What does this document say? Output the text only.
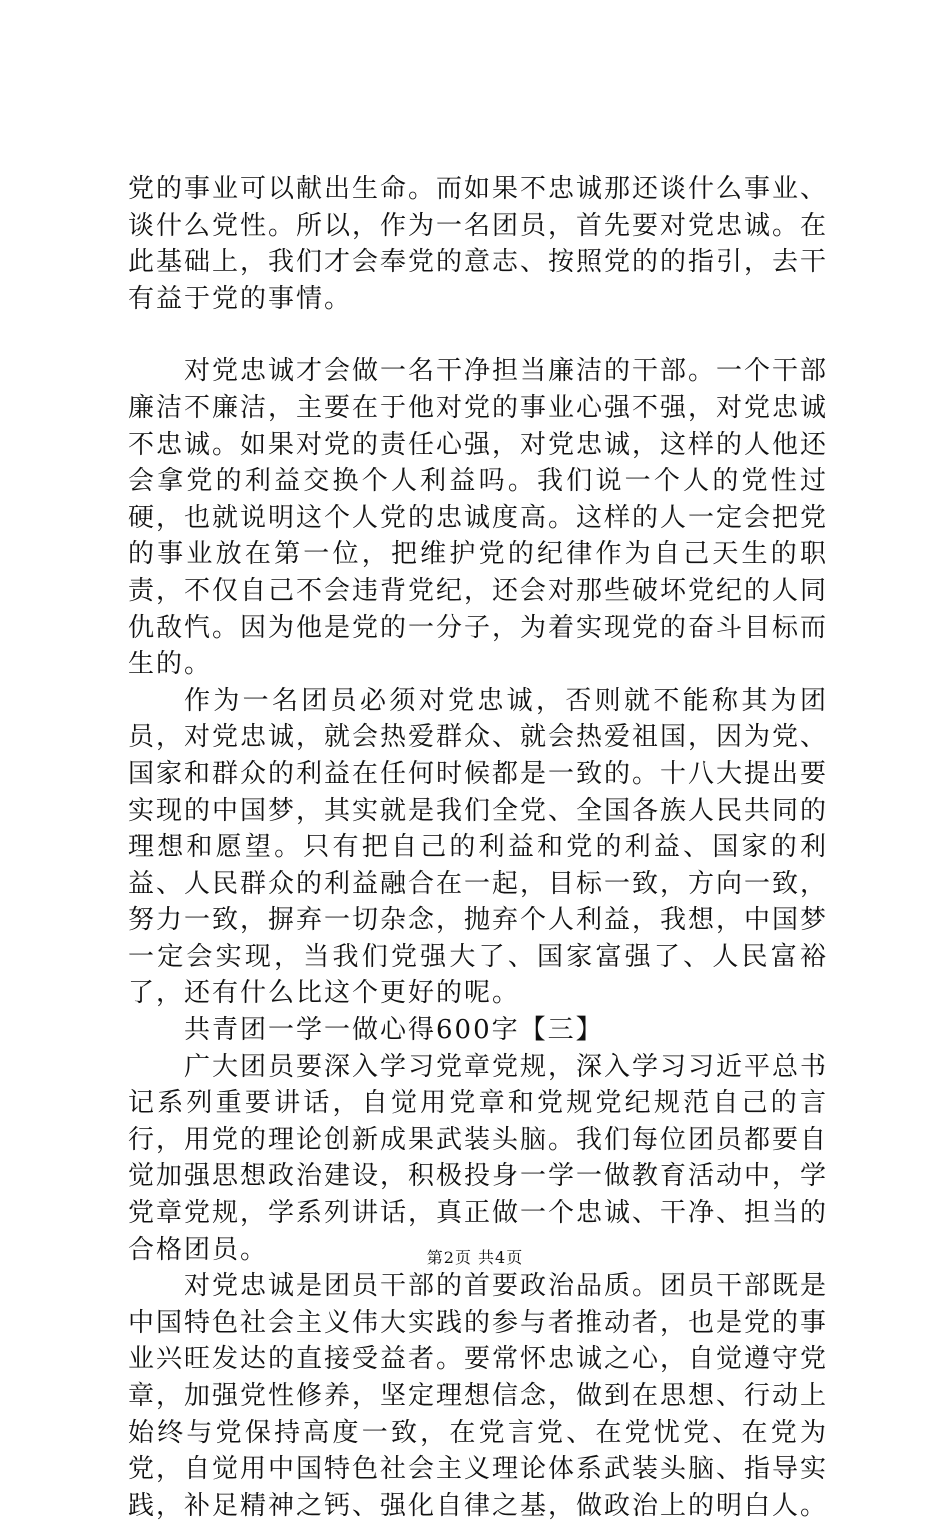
党的事业可以献出生命。而如果不忠诚那还谈什么事业、谈什么党性。所以，作为一名团员，首先要对党忠诚。在此基础上，我们才会奉党的意志、按照党的的指引，去干有益于党的事情。

对党忠诚才会做一名干净担当廉洁的干部。一个干部廉洁不廉洁，主要在于他对党的事业心强不强，对党忠诚不忠诚。如果对党的责任心强，对党忠诚，这样的人他还会拿党的利益交换个人利益吗。我们说一个人的党性过硬，也就说明这个人党的忠诚度高。这样的人一定会把党的事业放在第一位，把维护党的纪律作为自己天生的职责，不仅自己不会违背党纪，还会对那些破坏党纪的人同仇敌忾。因为他是党的一分子，为着实现党的奋斗目标而生的。

作为一名团员必须对党忠诚，否则就不能称其为团员，对党忠诚，就会热爱群众、就会热爱祖国，因为党、国家和群众的利益在任何时候都是一致的。十八大提出要实现的中国梦，其实就是我们全党、全国各族人民共同的理想和愿望。只有把自己的利益和党的利益、国家的利益、人民群众的利益融合在一起，目标一致，方向一致，努力一致，摒弃一切杂念，抛弃个人利益，我想，中国梦一定会实现，当我们党强大了、国家富强了、人民富裕了，还有什么比这个更好的呢。

共青团一学一做心得600字【三】

广大团员要深入学习党章党规，深入学习习近平总书记系列重要讲话，自觉用党章和党规党纪规范自己的言行，用党的理论创新成果武装头脑。我们每位团员都要自觉加强思想政治建设，积极投身一学一做教育活动中，学党章党规，学系列讲话，真正做一个忠诚、干净、担当的合格团员。

对党忠诚是团员干部的首要政治品质。团员干部既是中国特色社会主义伟大实践的参与者推动者，也是党的事业兴旺发达的直接受益者。要常怀忠诚之心，自觉遵守党章，加强党性修养，坚定理想信念，做到在思想、行动上始终与党保持高度一致，在党言党、在党忧党、在党为党，自觉用中国特色社会主义理论体系武装头脑、指导实践，补足精神之钙、强化自律之基，做政治上的明白人。

第2页 共4页
